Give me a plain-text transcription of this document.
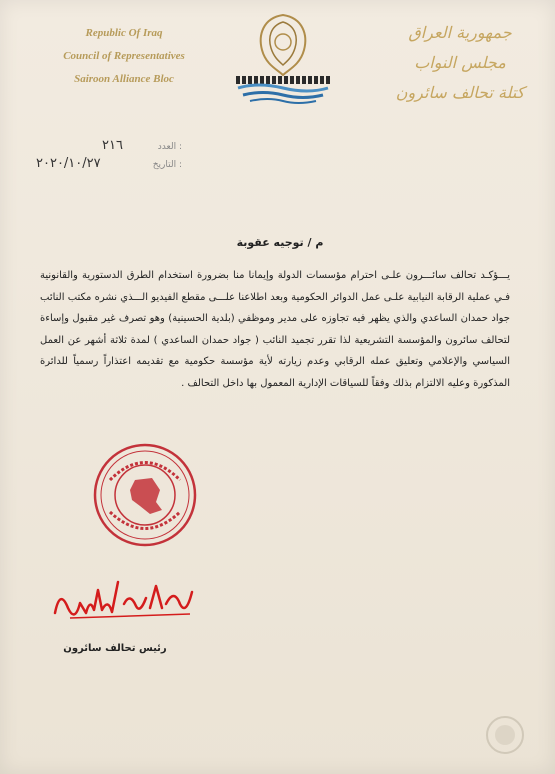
Republic Of Iraq
Council of Representatives
Sairoon Alliance Bloc
جمهورية العراق
مجلس النواب
كتلة تحالف سائرون
العدد :
٢١٦
التاريخ :
٢٠٢٠/١٠/٢٧
م / توجيه عقوبة
يـــؤكـد تحالف سائـــرون علـى احترام مؤسسات الدولة وإيمانا منا بضرورة استخدام الطرق الدستورية والقانونية فـي عملية الرقابة النيابية علـى عمل الدوائر الحكومية وبعد اطلاعنا علـــى مقطع الفيديو الـــذي نشره مكتب النائب جواد حمدان الساعدي والذي يظهر فيه تجاوزه على مدير وموظفي (بلدية الحسينية) وهو تصرف غير مقبول وإساءة لتحالف سائرون والمؤسسة التشريعية لذا تقرر تجميد النائب ( جواد حمدان الساعدي ) لمدة ثلاثة أشهر عن العمل السياسي والإعلامي وتعليق عمله الرقابي وعدم زيارته لأية مؤسسة حكومية مع تقديمه اعتذاراً رسمياً للدائرة المذكورة وعليه الالتزام بذلك وفقاً للسياقات الإدارية المعمول بها داخل التحالف .
رئيس تحالف سائرون
